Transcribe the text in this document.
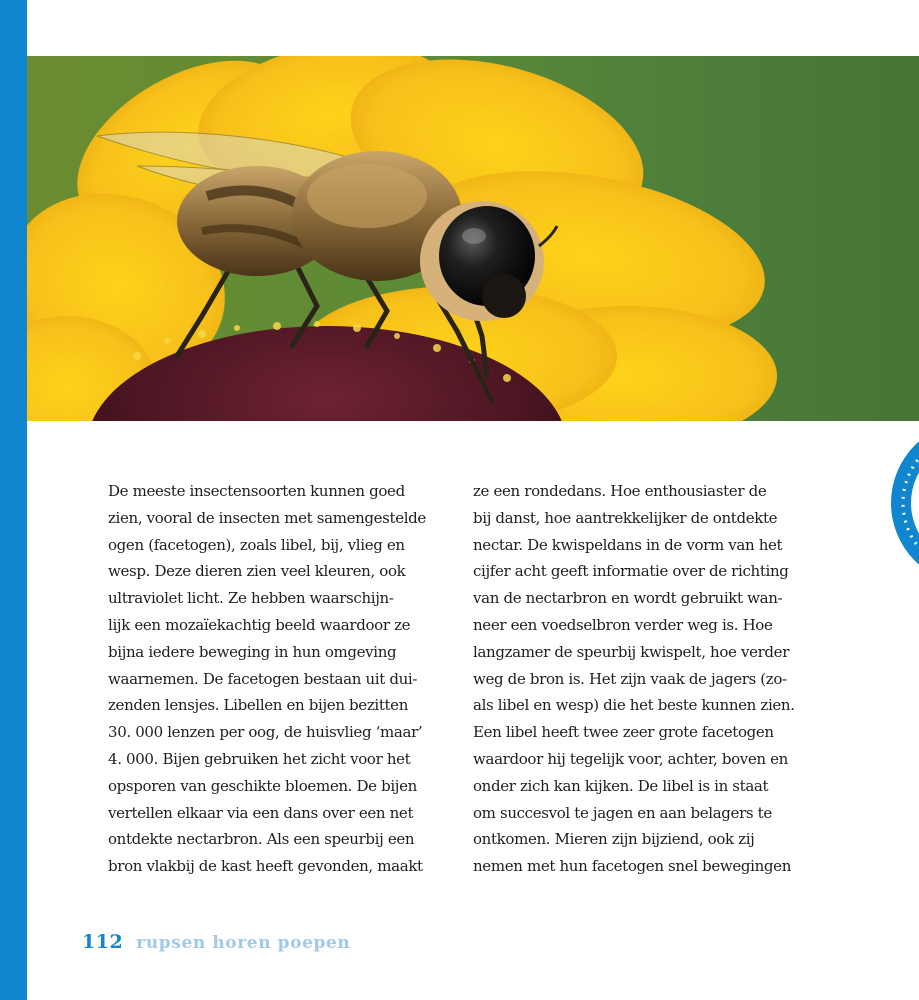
De meeste insectensoorten kunnen goed

zien, vooral de insecten met samengestelde

ogen (facetogen), zoals libel, bij, vlieg en

wesp. Deze dieren zien veel kleuren, ook

ultraviolet licht. Ze hebben waarschijn-

lijk een mozaïekachtig beeld waardoor ze

bijna iedere beweging in hun omgeving

waarnemen. De facetogen bestaan uit dui-

zenden lensjes. Libellen en bijen bezitten

30. 000 lenzen per oog, de huisvlieg ‘maar’

4. 000. Bijen gebruiken het zicht voor het

opsporen van geschikte bloemen. De bijen

vertellen elkaar via een dans over een net

ontdekte nectarbron. Als een speurbij een

bron vlakbij de kast heeft gevonden, maakt

ze een rondedans. Hoe enthousiaster de

bij danst, hoe aantrekkelijker de ontdekte

nectar. De kwispeldans in de vorm van het

cijfer acht geeft informatie over de richting

van de nectarbron en wordt gebruikt wan-

neer een voedselbron verder weg is. Hoe

langzamer de speurbij kwispelt, hoe verder

weg de bron is. Het zijn vaak de jagers (zo-

als libel en wesp) die het beste kunnen zien.

Een libel heeft twee zeer grote facetogen

waardoor hij tegelijk voor, achter, boven en

onder zich kan kijken. De libel is in staat

om succesvol te jagen en aan belagers te

ontkomen. Mieren zijn bijziend, ook zij

nemen met hun facetogen snel bewegingen

112 rupsen horen poepen
